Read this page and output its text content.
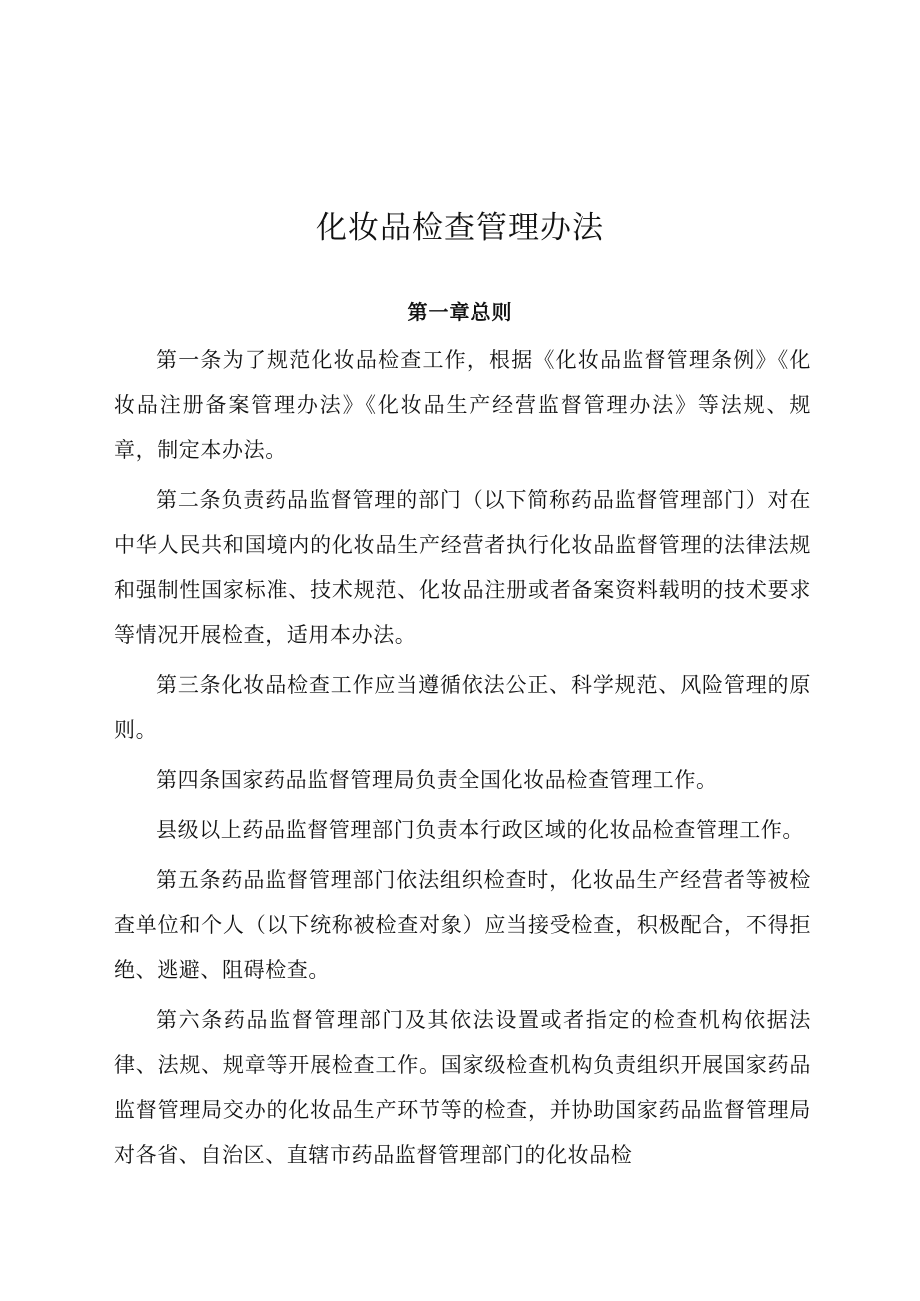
化妆品检查管理办法
第一章总则

第一条为了规范化妆品检查工作，根据《化妆品监督管理条例》《化妆品注册备案管理办法》《化妆品生产经营监督管理办法》等法规、规章，制定本办法。

第二条负责药品监督管理的部门（以下简称药品监督管理部门）对在中华人民共和国境内的化妆品生产经营者执行化妆品监督管理的法律法规和强制性国家标准、技术规范、化妆品注册或者备案资料载明的技术要求等情况开展检查，适用本办法。

第三条化妆品检查工作应当遵循依法公正、科学规范、风险管理的原则。

第四条国家药品监督管理局负责全国化妆品检查管理工作。

县级以上药品监督管理部门负责本行政区域的化妆品检查管理工作。

第五条药品监督管理部门依法组织检查时，化妆品生产经营者等被检查单位和个人（以下统称被检查对象）应当接受检查，积极配合，不得拒绝、逃避、阻碍检查。

第六条药品监督管理部门及其依法设置或者指定的检查机构依据法律、法规、规章等开展检查工作。国家级检查机构负责组织开展国家药品监督管理局交办的化妆品生产环节等的检查，并协助国家药品监督管理局对各省、自治区、直辖市药品监督管理部门的化妆品检
